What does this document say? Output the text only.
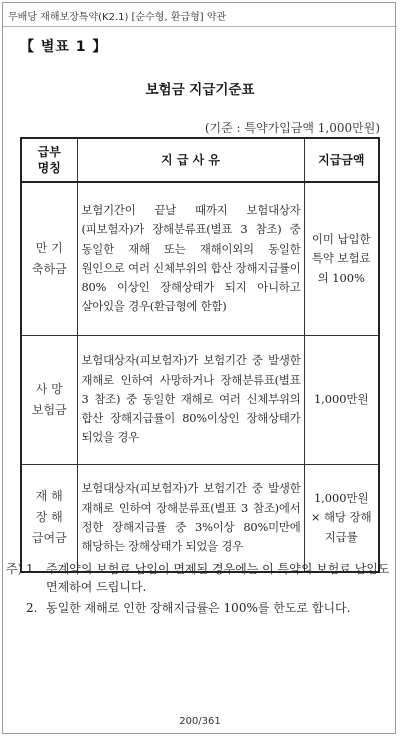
무배당 재해보장특약(K2.1) [순수형, 환급형] 약관
【 별표 1 】
보험금 지급기준표
(기준 : 특약가입금액 1,000만원)
급부
명칭	지 급 사 유	지급금액

만 기
축하금	보험기간이 끝날 때까지 보험대상자(피보험자)가 장해분류표(별표 3 참조) 중 동일한 재해 또는 재해이외의 동일한 원인으로 여러 신체부위의 합산 장해지급률이 80% 이상인 장해상태가 되지 아니하고 살아있을 경우(환급형에 한함)	이미 납입한
특약 보험료
의 100%

사 망
보험금	보험대상자(피보험자)가 보험기간 중 발생한 재해로 인하여 사망하거나 장해분류표(별표 3 참조) 중 동일한 재해로 여러 신체부위의 합산 장해지급률이 80%이상인 장해상태가 되었을 경우	1,000만원

재 해
장 해
급여금	보험대상자(피보험자)가 보험기간 중 발생한 재해로 인하여 장해분류표(별표 3 참조)에서 정한 장해지급률 중 3%이상 80%미만에 해당하는 장해상태가 되었을 경우	1,000만원
× 해당 장해
지급률
주) 1. 주계약의 보험료 납입이 면제된 경우에는 이 특약의 보험료 납입도 면제하여 드립니다.
2. 동일한 재해로 인한 장해지급률은 100%를 한도로 합니다.
200/361
